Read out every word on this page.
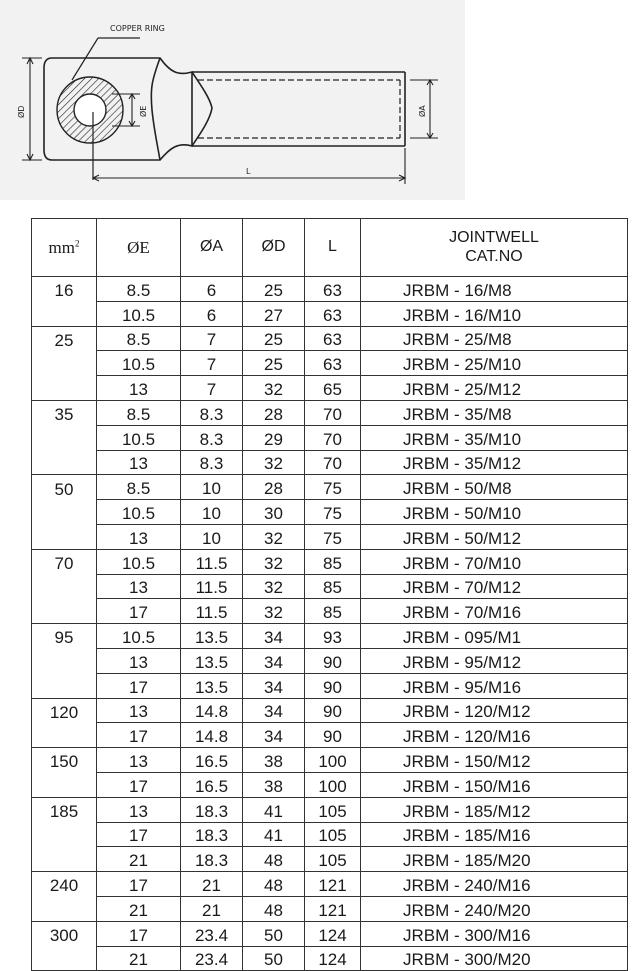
COPPER RING
ØD	ØE	ØA
L
$mm^2$	ØE	ØA	ØD	L	JOINTWELL
CAT.NO

16	8.5	6	25	63	JRBM - 16/M8
	10.5	6	27	63	JRBM - 16/M10
25	8.5	7	25	63	JRBM - 25/M8
	10.5	7	25	63	JRBM - 25/M10
	13	7	32	65	JRBM - 25/M12
35	8.5	8.3	28	70	JRBM - 35/M8
	10.5	8.3	29	70	JRBM - 35/M10
	13	8.3	32	70	JRBM - 35/M12
50	8.5	10	28	75	JRBM - 50/M8
	10.5	10	30	75	JRBM - 50/M10
	13	10	32	75	JRBM - 50/M12
70	10.5	11.5	32	85	JRBM - 70/M10
	13	11.5	32	85	JRBM - 70/M12
	17	11.5	32	85	JRBM - 70/M16
95	10.5	13.5	34	93	JRBM - 095/M1
	13	13.5	34	90	JRBM - 95/M12
	17	13.5	34	90	JRBM - 95/M16
120	13	14.8	34	90	JRBM - 120/M12
	17	14.8	34	90	JRBM - 120/M16
150	13	16.5	38	100	JRBM - 150/M12
	17	16.5	38	100	JRBM - 150/M16
185	13	18.3	41	105	JRBM - 185/M12
	17	18.3	41	105	JRBM - 185/M16
	21	18.3	48	105	JRBM - 185/M20
240	17	21	48	121	JRBM - 240/M16
	21	21	48	121	JRBM - 240/M20
300	17	23.4	50	124	JRBM - 300/M16
	21	23.4	50	124	JRBM - 300/M20
